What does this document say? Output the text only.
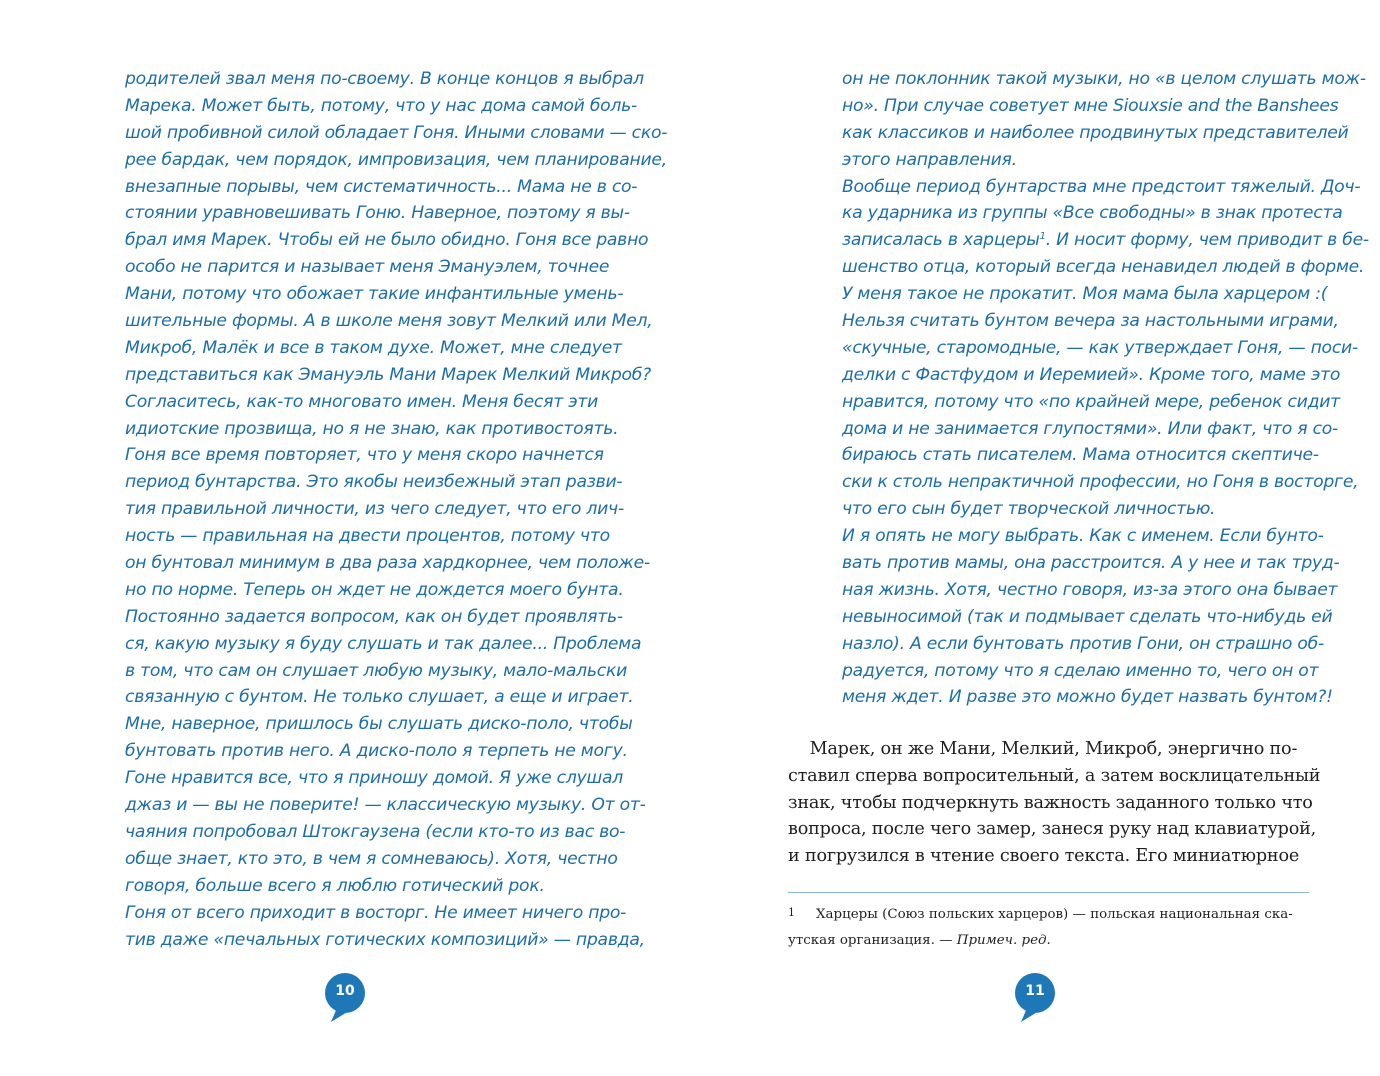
родителей звал меня по-своему. В конце концов я выбрал
Марека. Может быть, потому, что у нас дома самой боль-
шой пробивной силой обладает Гоня. Иными словами — ско-
рее бардак, чем порядок, импровизация, чем планирование,
внезапные порывы, чем систематичность... Мама не в со-
стоянии уравновешивать Гоню. Наверное, поэтому я вы-
брал имя Марек. Чтобы ей не было обидно. Гоня все равно
особо не парится и называет меня Эмануэлем, точнее
Мани, потому что обожает такие инфантильные умень-
шительные формы. А в школе меня зовут Мелкий или Мел,
Микроб, Малёк и все в таком духе. Может, мне следует
представиться как Эмануэль Мани Марек Мелкий Микроб?
Согласитесь, как-то многовато имен. Меня бесят эти
идиотские прозвища, но я не знаю, как противостоять.
Гоня все время повторяет, что у меня скоро начнется
период бунтарства. Это якобы неизбежный этап разви-
тия правильной личности, из чего следует, что его лич-
ность — правильная на двести процентов, потому что
он бунтовал минимум в два раза хардкорнее, чем положе-
но по норме. Теперь он ждет не дождется моего бунта.
Постоянно задается вопросом, как он будет проявлять-
ся, какую музыку я буду слушать и так далее... Проблема
в том, что сам он слушает любую музыку, мало-мальски
связанную с бунтом. Не только слушает, а еще и играет.
Мне, наверное, пришлось бы слушать диско-поло, чтобы
бунтовать против него. А диско-поло я терпеть не могу.
Гоне нравится все, что я приношу домой. Я уже слушал
джаз и — вы не поверите! — классическую музыку. От от-
чаяния попробовал Штокгаузена (если кто-то из вас во-
обще знает, кто это, в чем я сомневаюсь). Хотя, честно
говоря, больше всего я люблю готический рок.
Гоня от всего приходит в восторг. Не имеет ничего про-
тив даже «печальных готических композиций» — правда,
10
он не поклонник такой музыки, но «в целом слушать мож-
но». При случае советует мне Siouxsie and the Banshees
как классиков и наиболее продвинутых представителей
этого направления.
Вообще период бунтарства мне предстоит тяжелый. Доч-
ка ударника из группы «Все свободны» в знак протеста
записалась в харцеры$^1$. И носит форму, чем приводит в бе-
шенство отца, который всегда ненавидел людей в форме.
У меня такое не прокатит. Моя мама была харцером :(
Нельзя считать бунтом вечера за настольными играми,
«скучные, старомодные, — как утверждает Гоня, — поси-
делки с Фастфудом и Иеремией». Кроме того, маме это
нравится, потому что «по крайней мере, ребенок сидит
дома и не занимается глупостями». Или факт, что я со-
бираюсь стать писателем. Мама относится скептиче-
ски к столь непрактичной профессии, но Гоня в восторге,
что его сын будет творческой личностью.
И я опять не могу выбрать. Как с именем. Если бунто-
вать против мамы, она расстроится. А у нее и так труд-
ная жизнь. Хотя, честно говоря, из-за этого она бывает
невыносимой (так и подмывает сделать что-нибудь ей
назло). А если бунтовать против Гони, он страшно об-
радуется, потому что я сделаю именно то, чего он от
меня ждет. И разве это можно будет назвать бунтом?!
Марек, он же Мани, Мелкий, Микроб, энергично по-
ставил сперва вопросительный, а затем восклицательный
знак, чтобы подчеркнуть важность заданного только что
вопроса, после чего замер, занеся руку над клавиатурой,
и погрузился в чтение своего текста. Его миниатюрное
1 Харцеры (Союз польских харцеров) — польская национальная ска-
утская организация. — Примеч. ред.
11
